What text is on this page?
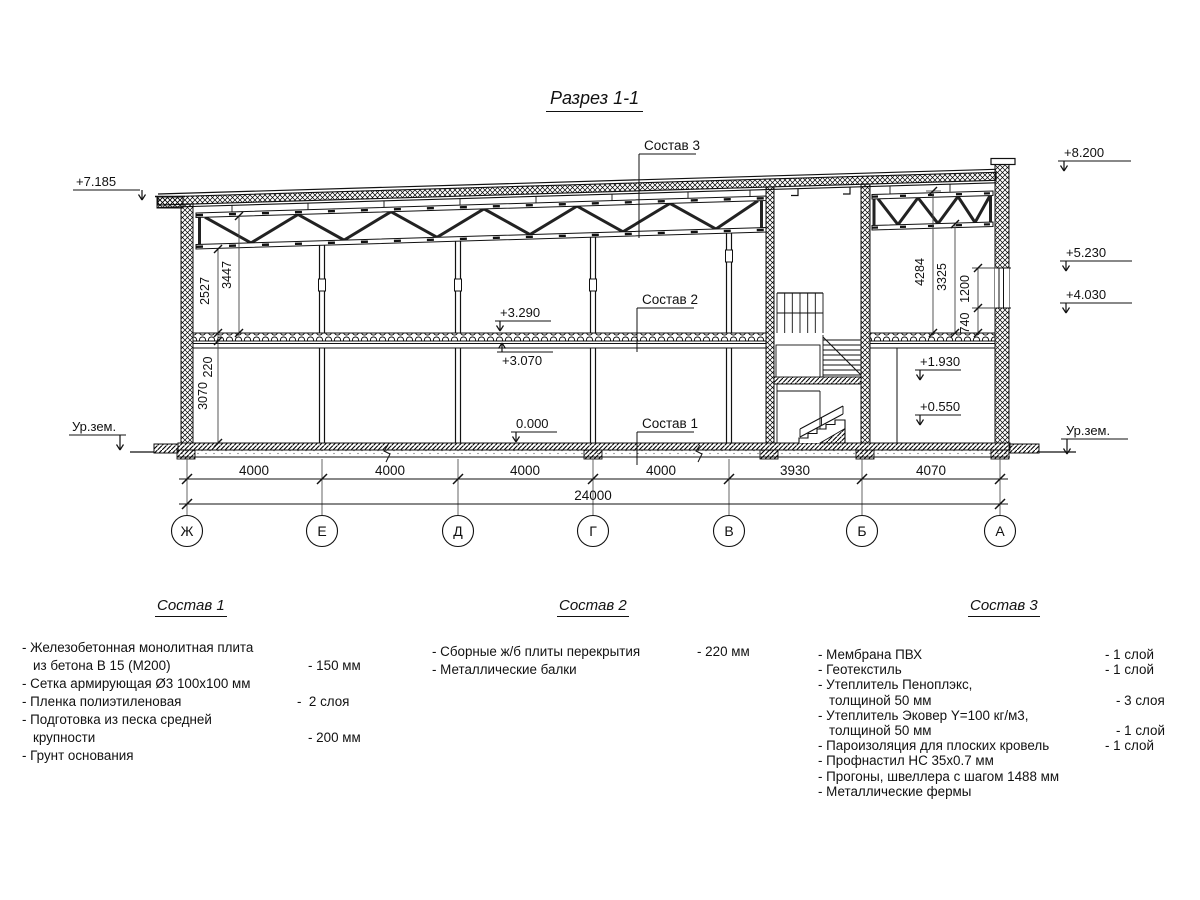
Разрез 1-1
+7.185
Ур.зем.
+8.200
+5.230
+4.030
Ур.зем.
+3.290
+3.070
0.000
+1.930
+0.550
Состав 3
Состав 2
Состав 1
2527
3447
220
3070
4284 3325 1200
740
4000	4000	4000	4000	3930	4070
24000
Ж	Е	Д	Г	В	Б	А
Состав 1
- Железобетонная монолитная плита
из бетона В 15 (М200)	- 150 мм
- Сетка армирующая Ø3 100х100 мм
- Пленка полиэтиленовая	-  2 слоя
- Подготовка из песка средней
крупности	- 200 мм
- Грунт основания
Состав 2
- Сборные ж/б плиты перекрытия	- 220 мм
- Металлические балки
Состав 3
- Мембрана ПВХ	- 1 слой
- Геотекстиль	- 1 слой
- Утеплитель Пеноплэкс,
толщиной 50 мм	- 3 слоя
- Утеплитель Эковер Y=100 кг/м3,
толщиной 50 мм	- 1 слой
- Пароизоляция для плоских кровель	- 1 слой
- Профнастил НС 35х0.7 мм
- Прогоны, швеллера с шагом 1488 мм
- Металлические фермы
